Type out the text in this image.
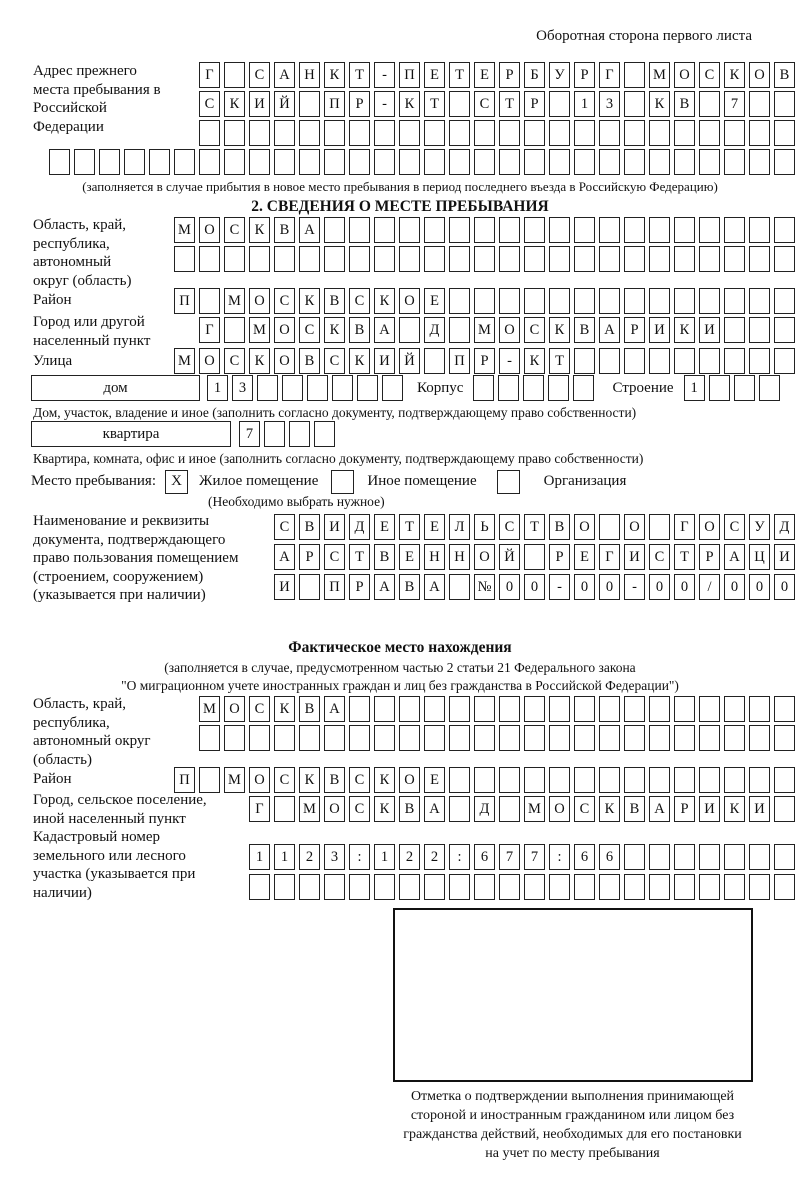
Оборотная сторона первого листа
Адрес прежнего места пребывания в Российской Федерации
Г	С	А	Н	К	Т	-	П	Е	Т	Е	Р	Б	У	Р	Г	М О	С	К	О	В
С	К	И	Й	П	Р	-	К	Т	С	Т	Р	1	3	К	В	7
(заполняется в случае прибытия в новое место пребывания в период последнего въезда в Российскую Федерацию)
2. СВЕДЕНИЯ О МЕСТЕ ПРЕБЫВАНИЯ
Область, край, республика, автономный округ (область)
М О	С	К	В	А
Район	П	М О	С	К	В	С	К	О	Е
Город или другой населенный пункт
Г	М О	С	К	В	А	Д	М О	С	К	В	А	Р	И	К	И
Улица	М О	С	К	О	В	С	К	И	Й	П	Р	-	К	Т
дом	1	3	Корпус	Строение	1
Дом, участок, владение и иное (заполнить согласно документу, подтверждающему право собственности)
квартира	7
Квартира, комната, офис и иное (заполнить согласно документу, подтверждающему право собственности)
Место пребывания:	X	Жилое помещение	Иное помещение	Организация
(Необходимо выбрать нужное)
Наименование и реквизиты документа, подтверждающего право пользования помещением (строением, сооружением) (указывается при наличии)
С	В	И	Д	Е	Т	Е	Л	Ь	С	Т	В	О	О	Г	О	С	У	Д
А	Р	С	Т	В	Е	Н	Н	О	Й	Р	Е	Г	И	С	Т	Р	А	Ц	И
И	П	Р	А	В	А	№ 0	0	-	0	0	-	0	0	/	0	0	0
Фактическое место нахождения
(заполняется в случае, предусмотренном частью 2 статьи 21 Федерального закона
"О миграционном учете иностранных граждан и лиц без гражданства в Российской Федерации")
Область, край, республика, автономный округ (область)
М О	С	К	В	А
Район	П	М О	С	К	В	С	К	О	Е
Город, сельское поселение, иной населенный пункт
Г	М О	С	К	В	А	Д	М О	С	К	В	А	Р	И	К	И
Кадастровый номер земельного или лесного участка (указывается при наличии)
1	1	2	3	:	1	2	2	:	6	7	7	:	6	6
Отметка о подтверждении выполнения принимающей
стороной и иностранным гражданином или лицом без
гражданства действий, необходимых для его постановки
на учет по месту пребывания
